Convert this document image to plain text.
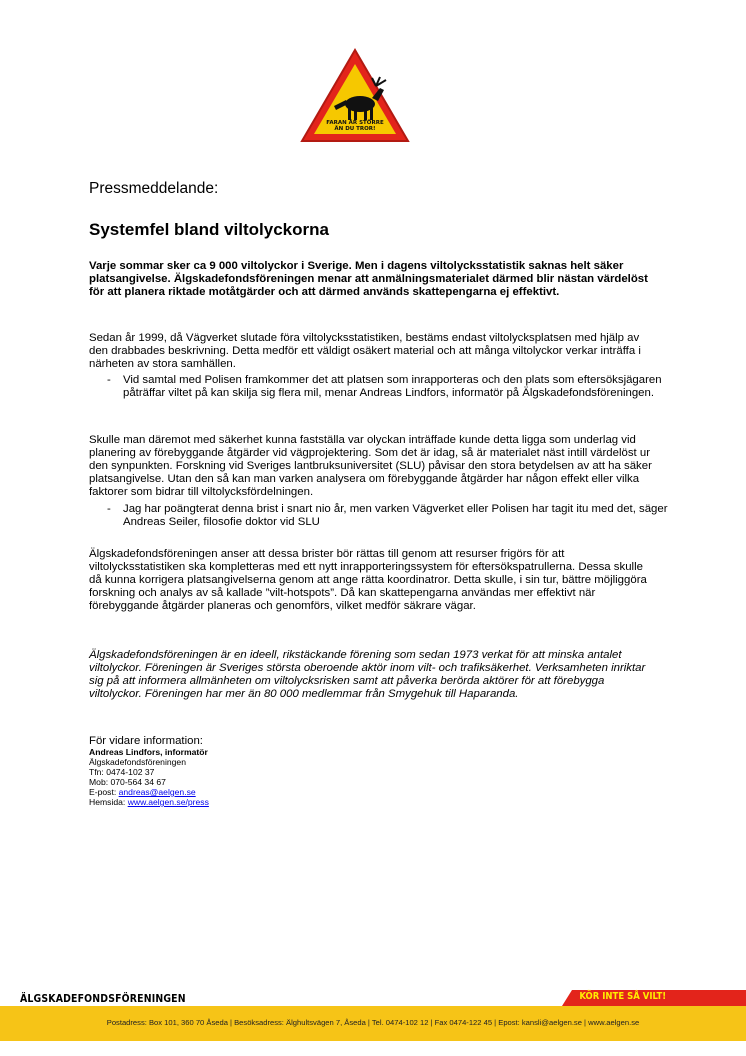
FARAN ÄR STÖRRE
ÄN DU TROR!

Pressmeddelande:

Systemfel bland viltolyckorna

Varje sommar sker ca 9 000 viltolyckor i Sverige. Men i dagens viltolycksstatistik saknas helt säker platsangivelse. Älgskadefondsföreningen menar att anmälningsmaterialet därmed blir nästan värdelöst för att planera riktade motåtgärder och att därmed används skattepengarna ej effektivt.

Sedan år 1999, då Vägverket slutade föra viltolycksstatistiken, bestäms endast viltolycksplatsen med hjälp av den drabbades beskrivning. Detta medför ett väldigt osäkert material och att många viltolyckor verkar inträffa i närheten av stora samhällen.

- Vid samtal med Polisen framkommer det att platsen som inrapporteras och den plats som eftersöksjägaren påträffar viltet på kan skilja sig flera mil, menar Andreas Lindfors, informatör på Älgskadefondsföreningen.

Skulle man däremot med säkerhet kunna fastställa var olyckan inträffade kunde detta ligga som underlag vid planering av förebyggande åtgärder vid vägprojektering. Som det är idag, så är materialet näst intill värdelöst ur den synpunkten. Forskning vid Sveriges lantbruksuniversitet (SLU) påvisar den stora betydelsen av att ha säker platsangivelse. Utan den så kan man varken analysera om förebyggande åtgärder har någon effekt eller vilka faktorer som bidrar till viltolycksfördelningen.

- Jag har poängterat denna brist i snart nio år, men varken Vägverket eller Polisen har tagit itu med det, säger Andreas Seiler, filosofie doktor vid SLU

Älgskadefondsföreningen anser att dessa brister bör rättas till genom att resurser frigörs för att viltolycksstatistiken ska kompletteras med ett nytt inrapporteringssystem för eftersökspatrullerna. Dessa skulle då kunna korrigera platsangivelserna genom att ange rätta koordinatror. Detta skulle, i sin tur, bättre möjliggöra forskning och analys av så kallade ”vilt-hotspots”. Då kan skattepengarna användas mer effektivt när förebyggande åtgärder planeras och genomförs, vilket medför säkrare vägar.

Älgskadefondsföreningen är en ideell, rikstäckande förening som sedan 1973 verkat för att minska antalet viltolyckor. Föreningen är Sveriges största oberoende aktör inom vilt- och trafiksäkerhet. Verksamheten inriktar sig på att informera allmänheten om viltolycksrisken samt att påverka berörda aktörer för att förebygga viltolyckor. Föreningen har mer än 80 000 medlemmar från Smygehuk till Haparanda.

För vidare information:
Andreas Lindfors, informatör
Älgskadefondsföreningen
Tfn: 0474-102 37
Mob: 070-564 34 67
E-post: andreas@aelgen.se
Hemsida: www.aelgen.se/press
ÄLGSKADEFONDSFÖRENINGEN	KÖR INTE SÅ VILT!
Postadress: Box 101, 360 70 Åseda | Besöksadress: Älghultsvägen 7, Åseda | Tel. 0474-102 12 | Fax 0474-122 45 | Epost: kansli@aelgen.se | www.aelgen.se
